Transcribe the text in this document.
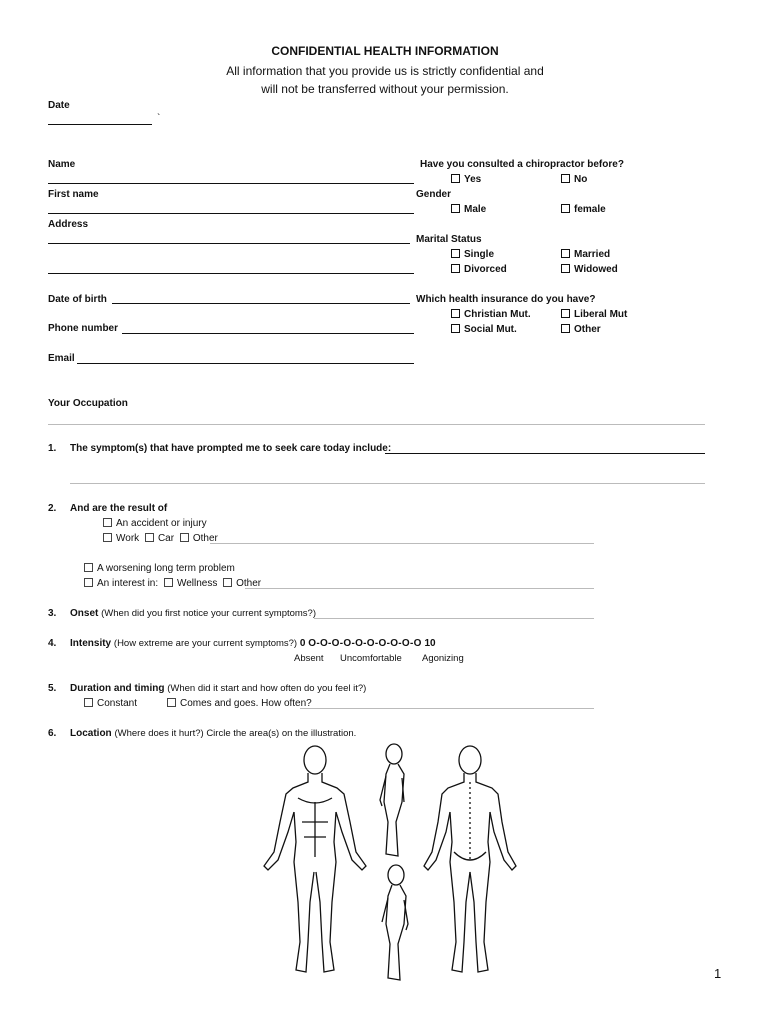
CONFIDENTIAL HEALTH INFORMATION
All information that you provide us is strictly confidential and
will not be transferred without your permission.
Date
`
Name
First name
Address
Date of birth
Phone number
Email
Have you consulted a chiropractor before?
Yes	No
Gender
Male	female
Marital Status
Single	Married
Divorced	Widowed
Which health insurance do you have?
Christian Mut.	Liberal Mut
Social Mut.	Other
Your Occupation
1. The symptom(s) that have prompted me to seek care today include:
2. And are the result of
An accident or injury
Work Car Other
A worsening long term problem
An interest in: Wellness Other
3. Onset (When did you first notice your current symptoms?)
4. Intensity (How extreme are your current symptoms?) 0 O-O-O-O-O-O-O-O-O-O 10
Absent Uncomfortable Agonizing
5. Duration and timing (When did it start and how often do you feel it?)
Constant	Comes and goes. How often?
6. Location (Where does it hurt?) Circle the area(s) on the illustration.
1
